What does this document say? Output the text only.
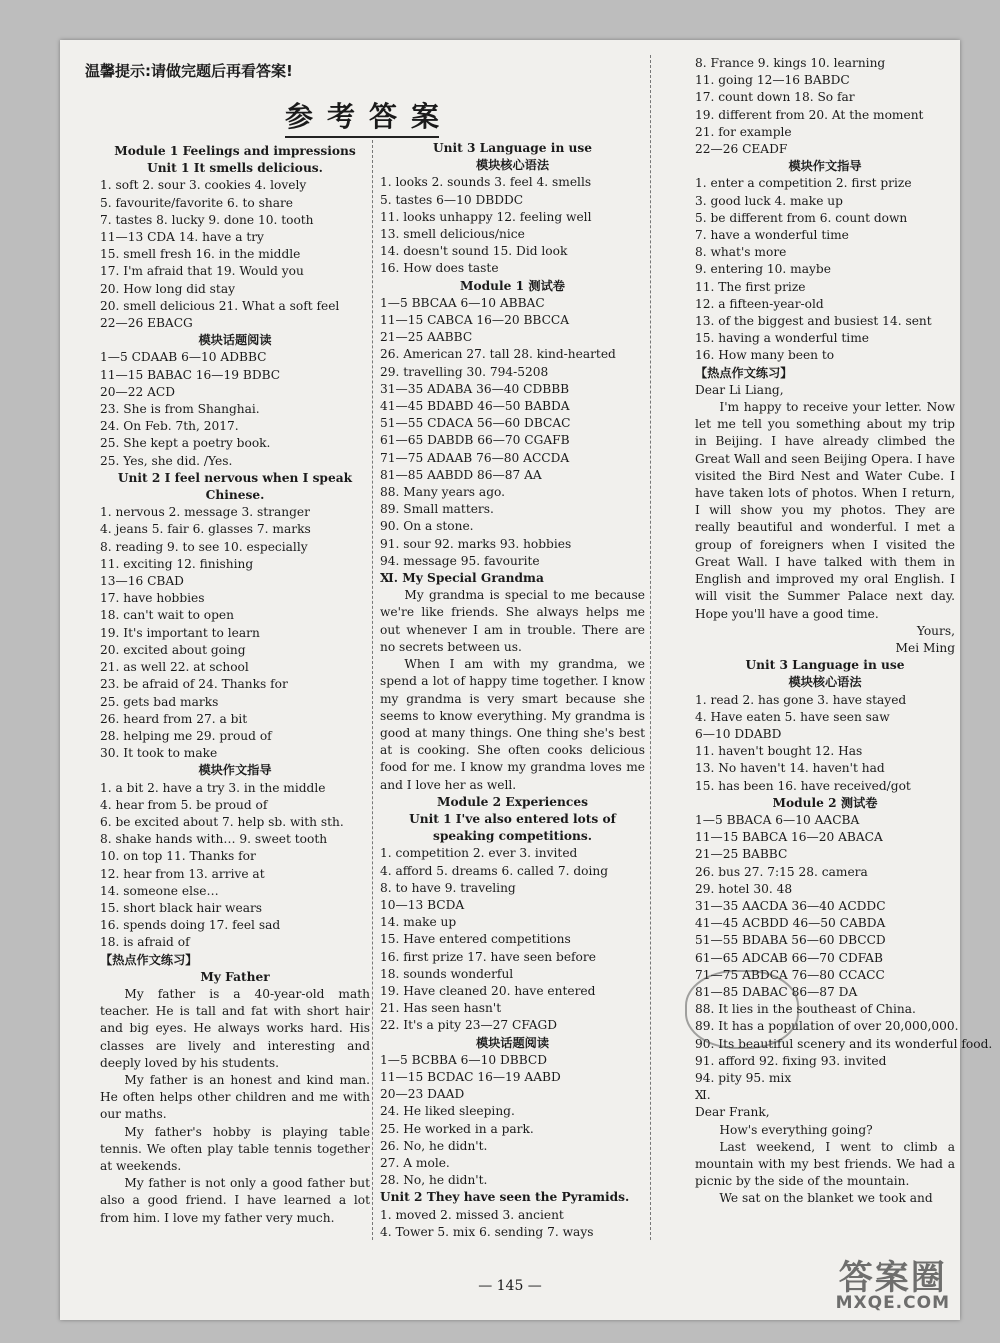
温馨提示:请做完题后再看答案!
参考答案
Module 1 Feelings and impressions
Unit 1 It smells delicious.
1. soft 2. sour 3. cookies 4. lovely
5. favourite/favorite 6. to share
7. tastes 8. lucky 9. done 10. tooth
11—13 CDA 14. have a try
15. smell fresh 16. in the middle
17. I'm afraid that 19. Would you
20. How long did stay
20. smell delicious 21. What a soft feel
22—26 EBACG
模块话题阅读
1—5 CDAAB 6—10 ADBBC
11—15 BABAC 16—19 BDBC
20—22 ACD
23. She is from Shanghai.
24. On Feb. 7th, 2017.
25. She kept a poetry book.
25. Yes, she did. /Yes.
Unit 2 I feel nervous when I speak Chinese.
1. nervous 2. message 3. stranger
4. jeans 5. fair 6. glasses 7. marks
8. reading 9. to see 10. especially
11. exciting 12. finishing
13—16 CBAD
17. have hobbies
18. can't wait to open
19. It's important to learn
20. excited about going
21. as well 22. at school
23. be afraid of 24. Thanks for
25. gets bad marks
26. heard from 27. a bit
28. helping me 29. proud of
30. It took to make
模块作文指导
1. a bit 2. have a try 3. in the middle
4. hear from 5. be proud of
6. be excited about 7. help sb. with sth.
8. shake hands with… 9. sweet tooth
10. on top 11. Thanks for
12. hear from 13. arrive at
14. someone else…
15. short black hair wears
16. spends doing 17. feel sad
18. is afraid of
【热点作文练习】
My Father
My father is a 40-year-old math teacher. He is tall and fat with short hair and big eyes. He always works hard. His classes are lively and interesting and deeply loved by his students.
My father is an honest and kind man. He often helps other children and me with our maths.
My father's hobby is playing table tennis. We often play table tennis together at weekends.
My father is not only a good father but also a good friend. I have learned a lot from him. I love my father very much.
Unit 3 Language in use
模块核心语法
1. looks 2. sounds 3. feel 4. smells
5. tastes 6—10 DBDDC
11. looks unhappy 12. feeling well
13. smell delicious/nice
14. doesn't sound 15. Did look
16. How does taste
Module 1 测试卷
1—5 BBCAA 6—10 ABBAC
11—15 CABCA 16—20 BBCCA
21—25 AABBC
26. American 27. tall 28. kind-hearted
29. travelling 30. 794-5208
31—35 ADABA 36—40 CDBBB
41—45 BDABD 46—50 BABDA
51—55 CDACA 56—60 DBCAC
61—65 DABDB 66—70 CGAFB
71—75 ADAAB 76—80 ACCDA
81—85 AABDD 86—87 AA
88. Many years ago.
89. Small matters.
90. On a stone.
91. sour 92. marks 93. hobbies
94. message 95. favourite
Ⅺ. My Special Grandma
My grandma is special to me because we're like friends. She always helps me out whenever I am in trouble. There are no secrets between us.
When I am with my grandma, we spend a lot of happy time together. I know my grandma is very smart because she seems to know everything. My grandma is good at many things. One thing she's best at is cooking. She often cooks delicious food for me. I know my grandma loves me and I love her as well.
Module 2 Experiences
Unit 1 I've also entered lots of speaking competitions.
1. competition 2. ever 3. invited
4. afford 5. dreams 6. called 7. doing
8. to have 9. traveling
10—13 BCDA
14. make up
15. Have entered competitions
16. first prize 17. have seen before
18. sounds wonderful
19. Have cleaned 20. have entered
21. Has seen hasn't
22. It's a pity 23—27 CFAGD
模块话题阅读
1—5 BCBBA 6—10 DBBCD
11—15 BCDAC 16—19 AABD
20—23 DAAD
24. He liked sleeping.
25. He worked in a park.
26. No, he didn't.
27. A mole.
28. No, he didn't.
Unit 2 They have seen the Pyramids.
1. moved 2. missed 3. ancient
4. Tower 5. mix 6. sending 7. ways
8. France 9. kings 10. learning
11. going 12—16 BABDC
17. count down 18. So far
19. different from 20. At the moment
21. for example
22—26 CEADF
模块作文指导
1. enter a competition 2. first prize
3. good luck 4. make up
5. be different from 6. count down
7. have a wonderful time
8. what's more
9. entering 10. maybe
11. The first prize
12. a fifteen-year-old
13. of the biggest and busiest 14. sent
15. having a wonderful time
16. How many been to
【热点作文练习】
Dear Li Liang,
I'm happy to receive your letter. Now let me tell you something about my trip in Beijing. I have already climbed the Great Wall and seen Beijing Opera. I have visited the Bird Nest and Water Cube. I have taken lots of photos. When I return, I will show you my photos. They are really beautiful and wonderful. I met a group of foreigners when I visited the Great Wall. I have talked with them in English and improved my oral English. I will visit the Summer Palace next day. Hope you'll have a good time.
Yours,
Mei Ming
Unit 3 Language in use
模块核心语法
1. read 2. has gone 3. have stayed
4. Have eaten 5. have seen saw
6—10 DDABD
11. haven't bought 12. Has
13. No haven't 14. haven't had
15. has been 16. have received/got
Module 2 测试卷
1—5 BBACA 6—10 AACBA
11—15 BABCA 16—20 ABACA
21—25 BABBC
26. bus 27. 7:15 28. camera
29. hotel 30. 48
31—35 AACDA 36—40 ACDDC
41—45 ACBDD 46—50 CABDA
51—55 BDABA 56—60 DBCCD
61—65 ADCAB 66—70 CDFAB
71—75 ABDCA 76—80 CCACC
81—85 DABAC 86—87 DA
88. It lies in the southeast of China.
89. It has a population of over 20,000,000.
90. Its beautiful scenery and its wonderful food.
91. afford 92. fixing 93. invited
94. pity 95. mix
Ⅺ.
Dear Frank,
How's everything going?
Last weekend, I went to climb a mountain with my best friends. We had a picnic by the side of the mountain.
We sat on the blanket we took and
— 145 —	答案圈
MXQE.COM
